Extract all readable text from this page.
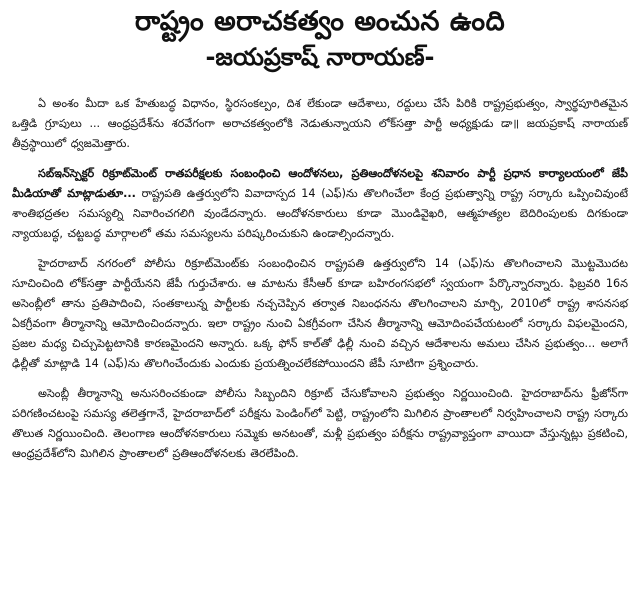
రాష్ట్రం అరాచకత్వం అంచున ఉంది
-జయప్రకాష్ నారాయణ్-

ఏ అంశం మీదా ఒక హేతుబద్ధ విధానం, స్థిరసంకల్పం, దిశ లేకుండా ఆదేశాలు, రద్దులు చేసే పిరికి రాష్ట్రప్రభుత్వం, స్వార్థపూరితమైన ఒత్తిడి గ్రూపులు ... ఆంధ్రప్రదేశ్‌ను శరవేగంగా అరాచకత్వంలోకి నెడుతున్నాయని లోక్‌సత్తా పార్టీ అధ్యక్షుడు డా॥ జయప్రకాష్ నారాయణ్ తీవ్రస్థాయిలో ధ్వజమెత్తారు.

సబ్‌ఇన్‌స్పెక్టర్ రిక్రూట్‌మెంట్ రాతపరీక్షలకు సంబంధించి ఆందోళనలు, ప్రతిఆందోళనలపై శనివారం పార్టీ ప్రధాన కార్యాలయంలో జేపీ మీడియాతో మాట్లాడుతూ... రాష్ట్రపతి ఉత్తర్వులోని వివాదాస్పద 14 (ఎఫ్)ను తొలగించేలా కేంద్ర ప్రభుత్వాన్ని రాష్ట్ర సర్కారు ఒప్పించివుంటే శాంతిభద్రతల సమస్యల్ని నివారించగలిగి వుండేదన్నారు. ఆందోళనకారులు కూడా మొండివైఖరి, ఆత్మహత్యల బెదిరింపులకు దిగకుండా న్యాయబద్ధ, చట్టబద్ధ మార్గాలలో తమ సమస్యలను పరిష్కరించుకుని ఉండాల్సిందన్నారు.

హైదరాబాద్ నగరంలో పోలీసు రిక్రూట్‌మెంట్‌కు సంబంధించిన రాష్ట్రపతి ఉత్తర్వులోని 14 (ఎఫ్)ను తొలగించాలని మొట్టమొదట సూచించింది లోక్‌సత్తా పార్టీయేనని జేపీ గుర్తుచేశారు. ఆ మాటను కేసీఆర్ కూడా బహిరంగసభలో స్వయంగా పేర్కొన్నారన్నారు. ఫిబ్రవరి 16న అసెంబ్లీలో తాను ప్రతిపాదించి, సంతకాలున్న పార్టీలకు నచ్చచెప్పిన తర్వాత నిబంధనను తొలగించాలని మార్చి, 2010లో రాష్ట్ర శాసనసభ ఏకగ్రీవంగా తీర్మానాన్ని ఆమోదించిందన్నారు. ఇలా రాష్ట్రం నుంచి ఏకగ్రీవంగా చేసిన తీర్మానాన్ని ఆమోదింపచేయటంలో సర్కారు విఫలమైందని, ప్రజల మధ్య చిచ్చుపెట్టటానికి కారణమైందని అన్నారు. ఒక్క ఫోన్ కాల్‌తో ఢిల్లీ నుంచి వచ్చిన ఆదేశాలను అమలు చేసిన ప్రభుత్వం... అలాగే ఢిల్లీతో మాట్లాడి 14 (ఎఫ్)ను తొలగించేందుకు ఎందుకు ప్రయత్నించలేకపోయిందని జేపీ సూటిగా ప్రశ్నించారు.

అసెంబ్లీ తీర్మానాన్ని అనుసరించకుండా పోలీసు సిబ్బందిని రిక్రూట్ చేసుకోవాలని ప్రభుత్వం నిర్ణయించింది. హైదరాబాద్‌ను ఫ్రీజోన్‌గా పరిగణించటంపై సమస్య తలెత్తగానే, హైదరాబాద్‌లో పరీక్షను పెండింగ్‌లో పెట్టి, రాష్ట్రంలోని మిగిలిన ప్రాంతాలలో నిర్వహించాలని రాష్ట్ర సర్కారు తొలుత నిర్ణయించింది. తెలంగాణ ఆందోళనకారులు సమ్మెకు అనటంతో, మళ్లీ ప్రభుత్వం పరీక్షను రాష్ట్రవ్యాప్తంగా వాయిదా వేస్తున్నట్లు ప్రకటించి, ఆంధ్రప్రదేశ్‌లోని మిగిలిన ప్రాంతాలలో ప్రతిఆందోళనలకు తెరలేపింది.
